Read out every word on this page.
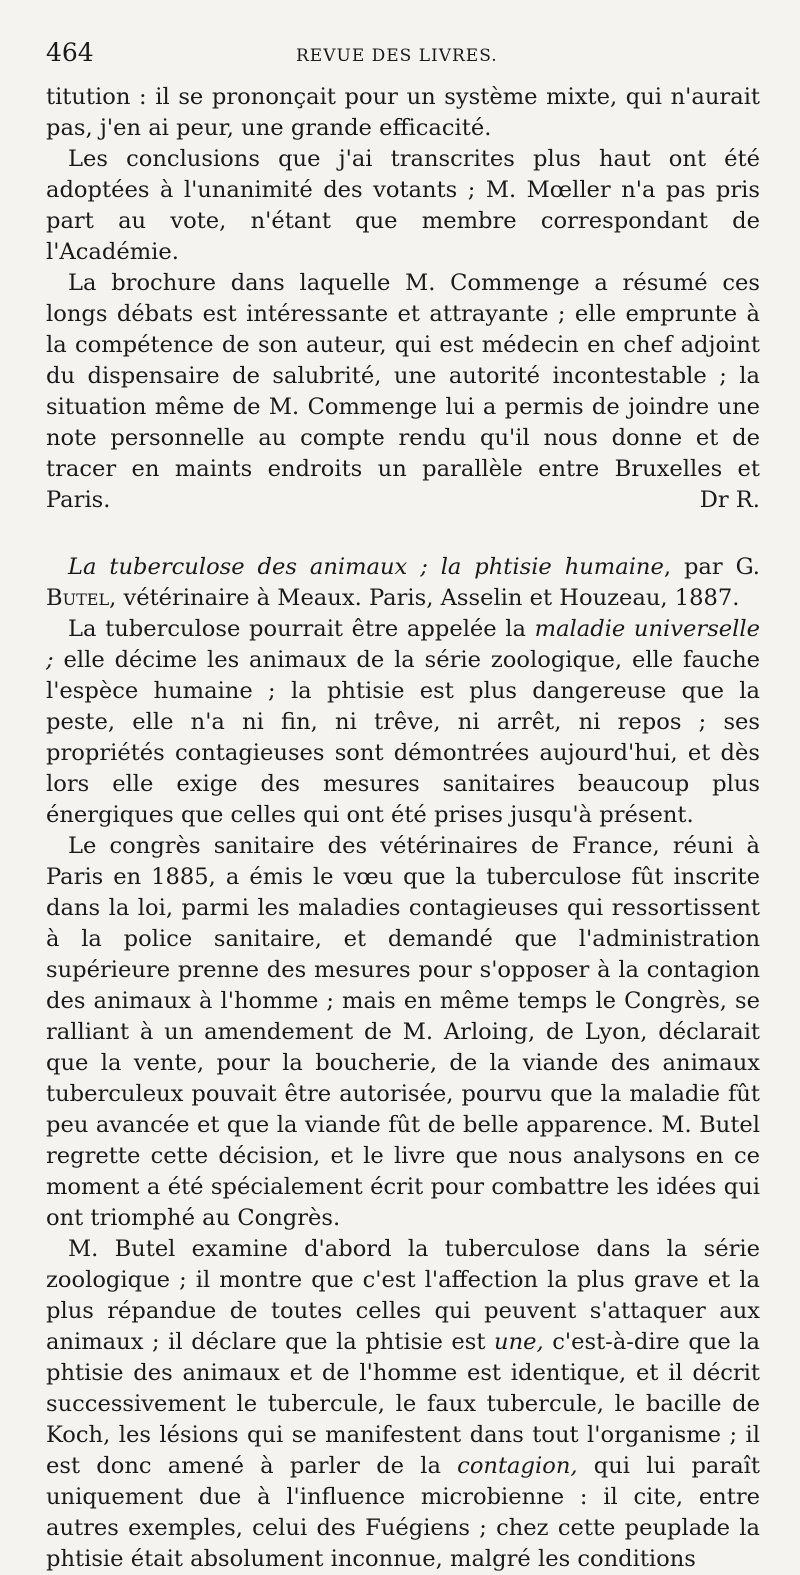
464	REVUE DES LIVRES.

titution : il se prononçait pour un système mixte, qui n'aurait pas, j'en ai peur, une grande efficacité.

Les conclusions que j'ai transcrites plus haut ont été adoptées à l'unanimité des votants ; M. Mœller n'a pas pris part au vote, n'étant que membre correspondant de l'Académie.

La brochure dans laquelle M. Commenge a résumé ces longs débats est intéressante et attrayante ; elle emprunte à la compétence de son auteur, qui est médecin en chef adjoint du dispensaire de salubrité, une autorité incontestable ; la situation même de M. Commenge lui a permis de joindre une note personnelle au compte rendu qu'il nous donne et de tracer en maints endroits un parallèle entre Bruxelles et Paris.	Dr R.

La tuberculose des animaux ; la phtisie humaine, par G. Butel, vétérinaire à Meaux. Paris, Asselin et Houzeau, 1887.

La tuberculose pourrait être appelée la maladie universelle ; elle décime les animaux de la série zoologique, elle fauche l'espèce humaine ; la phtisie est plus dangereuse que la peste, elle n'a ni fin, ni trêve, ni arrêt, ni repos ; ses propriétés contagieuses sont démontrées aujourd'hui, et dès lors elle exige des mesures sanitaires beaucoup plus énergiques que celles qui ont été prises jusqu'à présent.

Le congrès sanitaire des vétérinaires de France, réuni à Paris en 1885, a émis le vœu que la tuberculose fût inscrite dans la loi, parmi les maladies contagieuses qui ressortissent à la police sanitaire, et demandé que l'administration supérieure prenne des mesures pour s'opposer à la contagion des animaux à l'homme ; mais en même temps le Congrès, se ralliant à un amendement de M. Arloing, de Lyon, déclarait que la vente, pour la boucherie, de la viande des animaux tuberculeux pouvait être autorisée, pourvu que la maladie fût peu avancée et que la viande fût de belle apparence. M. Butel regrette cette décision, et le livre que nous analysons en ce moment a été spécialement écrit pour combattre les idées qui ont triomphé au Congrès.

M. Butel examine d'abord la tuberculose dans la série zoologique ; il montre que c'est l'affection la plus grave et la plus répandue de toutes celles qui peuvent s'attaquer aux animaux ; il déclare que la phtisie est une, c'est-à-dire que la phtisie des animaux et de l'homme est identique, et il décrit successivement le tubercule, le faux tubercule, le bacille de Koch, les lésions qui se manifestent dans tout l'organisme ; il est donc amené à parler de la contagion, qui lui paraît uniquement due à l'influence microbienne : il cite, entre autres exemples, celui des Fuégiens ; chez cette peuplade la phtisie était absolument inconnue, malgré les conditions
